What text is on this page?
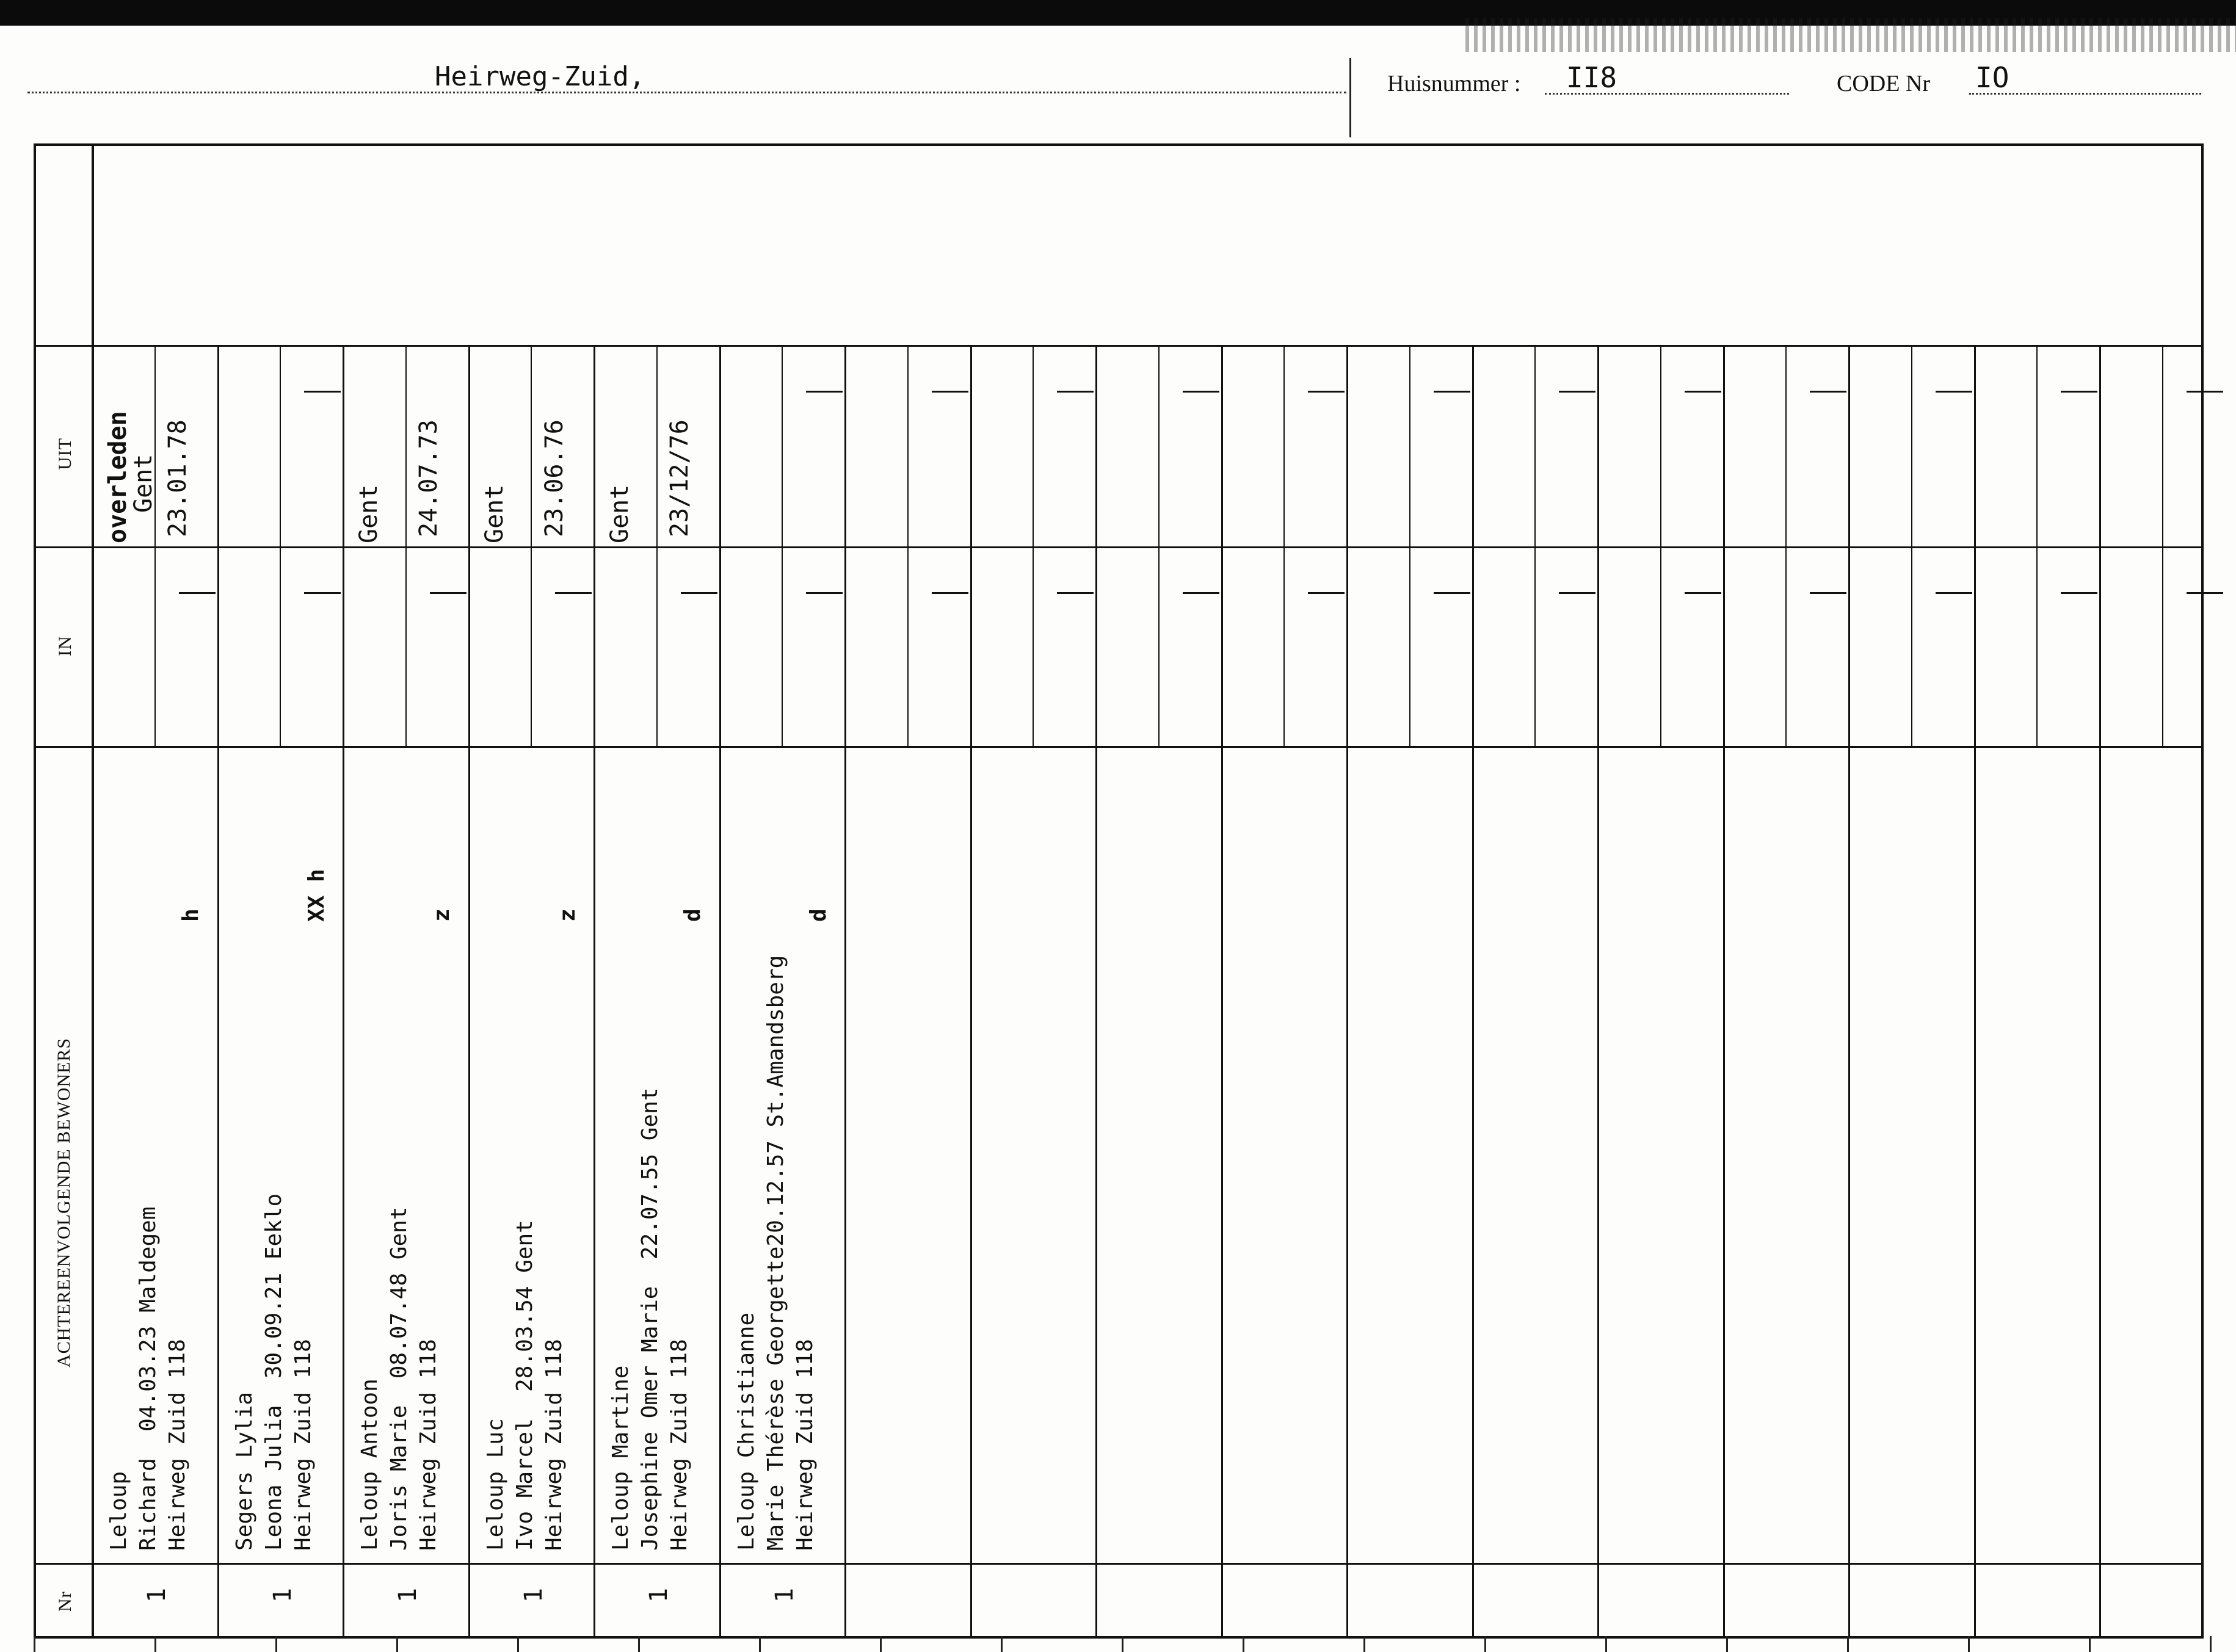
Heirweg-Zuid,	Huisnummer : II8	CODE Nr IO
Nr
ACHTEREENVOLGENDE BEWONERS
IN
UIT
1
Leloup Richard  04.03.23 Maldegem Heirweg Zuid 118
h
overleden
Gent 23.01.78
1
Segers Lylia Leona Julia  30.09.21 Eeklo Heirweg Zuid 118
XX h
1
Leloup Antoon Joris Marie  08.07.48 Gent Heirweg Zuid 118
z
Gent 24.07.73
1
Leloup Luc Ivo Marcel  28.03.54 Gent Heirweg Zuid 118
z
Gent 23.06.76
1
Leloup Martine Josephine Omer Marie  22.07.55 Gent Heirweg Zuid 118
d
Gent 23/12/76
1
Leloup Christianne Marie Thérèse Georgette20.12.57 St.Amandsberg Heirweg Zuid 118
d
